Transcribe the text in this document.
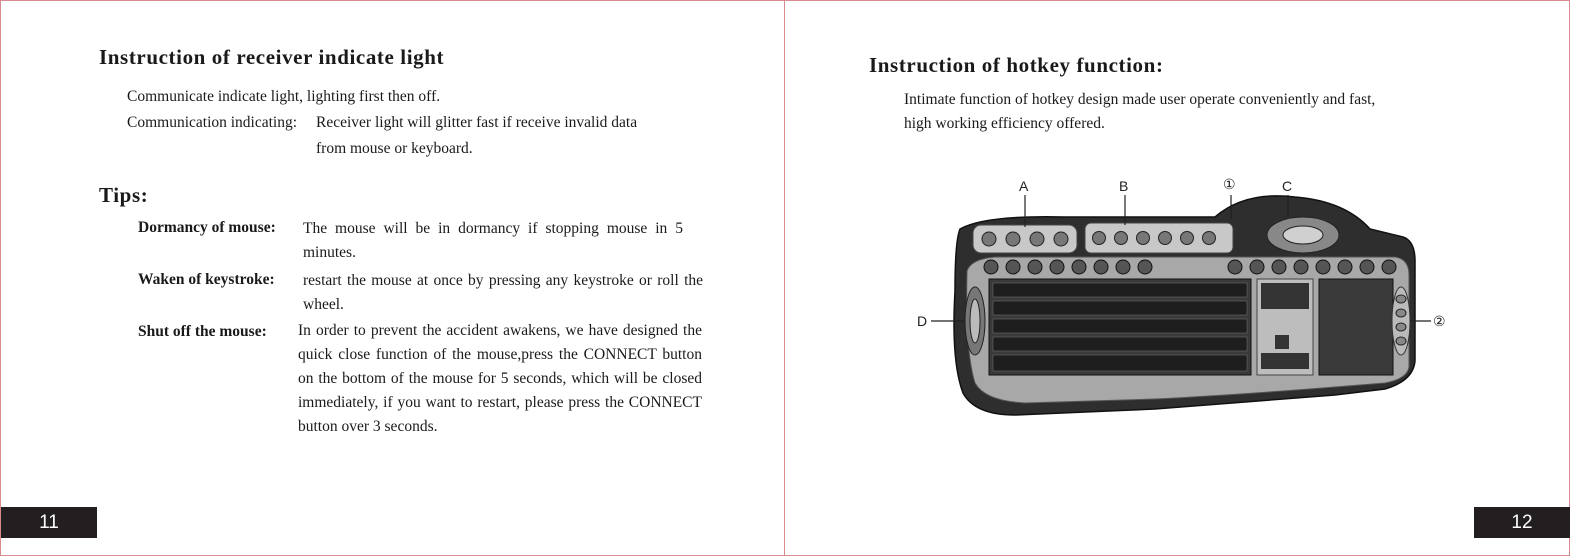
Instruction of receiver indicate light

Communicate indicate light, lighting first then off.

Communication indicating: Receiver light will glitter fast if receive invalid data

from mouse or keyboard.

Tips:
Dormancy of mouse: The mouse will be in dormancy if stopping mouse in 5 minutes.
Waken of keystroke: restart the mouse at once by pressing any keystroke or roll the wheel.
Shut off the mouse: In order to prevent the accident awakens, we have designed the quick close function of the mouse,press the CONNECT button on the bottom of the mouse for 5 seconds, which will be closed immediately, if you want to restart, please press the CONNECT button over 3 seconds.
11
Instruction of hotkey function:

Intimate function of hotkey design made user operate conveniently and fast,

high working efficiency offered.

A	B	①	C
D	②
12
